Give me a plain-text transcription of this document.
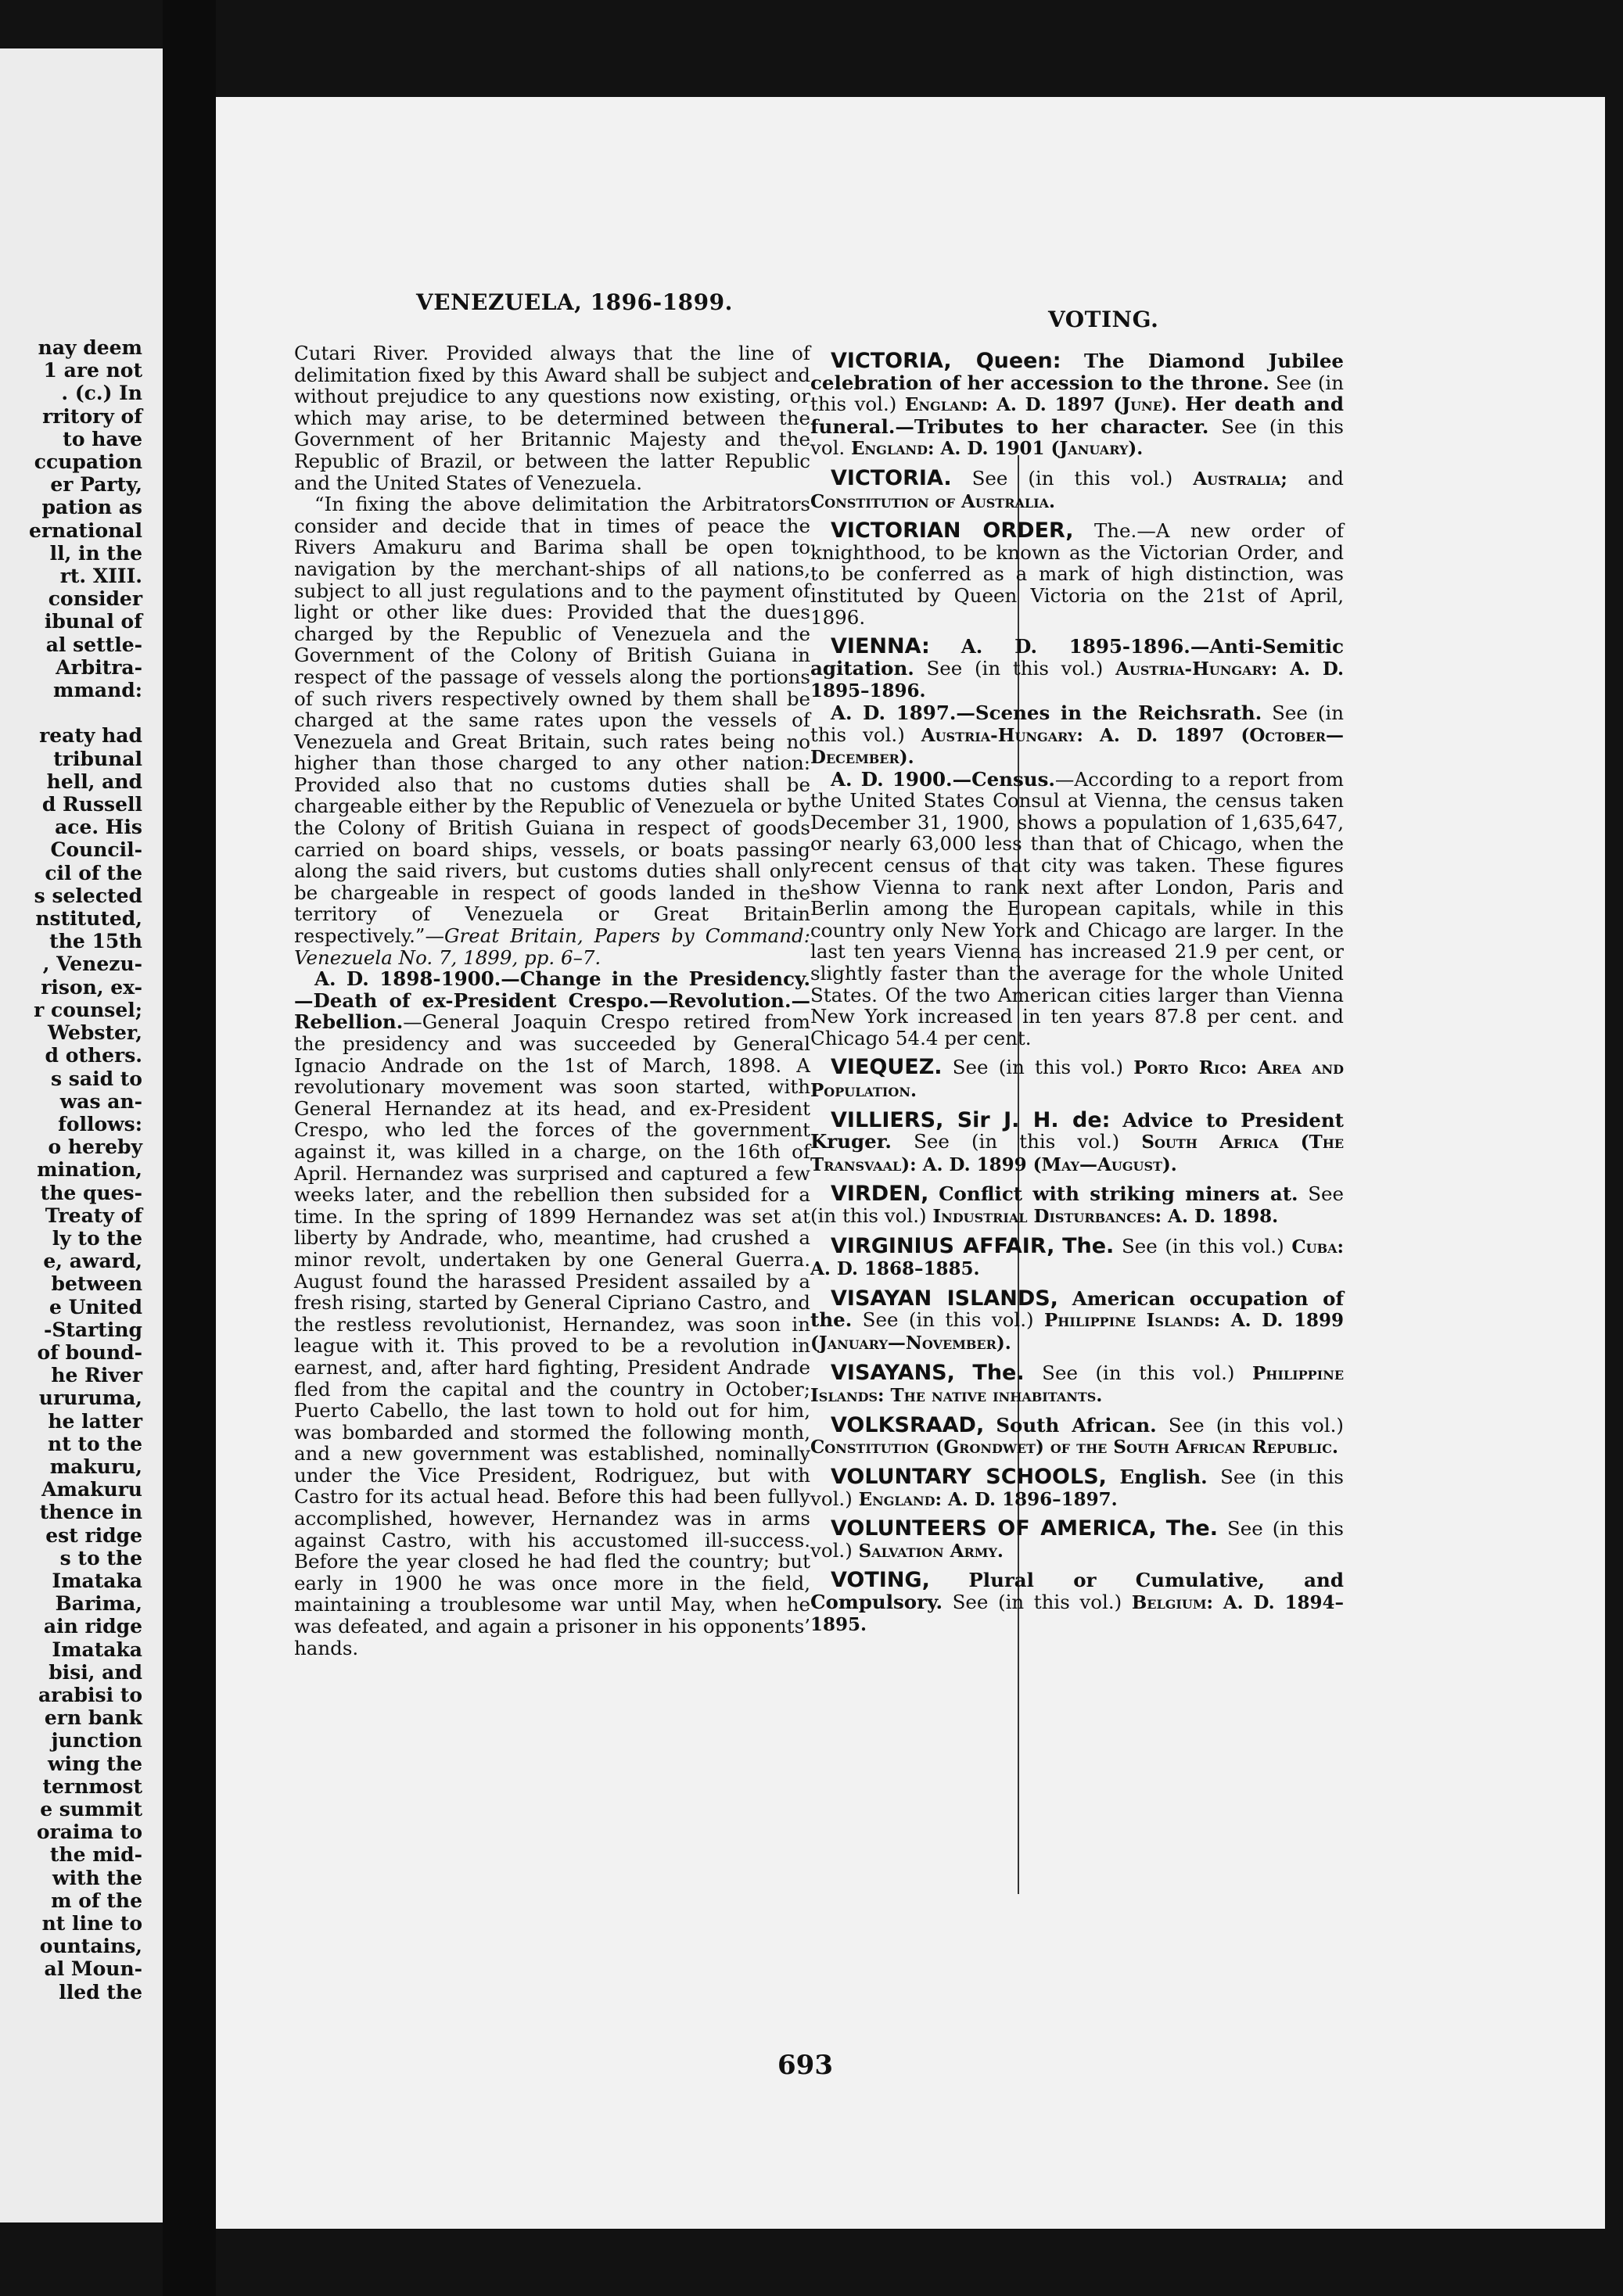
nay deem
1 are not
. (c.) In
rritory of
to have
ccupation
er Party,
pation as
ernational
ll, in the
rt. XIII.
consider
ibunal of
al settle-
Arbitra-
mmand:

reaty had
tribunal
hell, and
d Russell
ace. His
Council-
cil of the
s selected
nstituted,
the 15th
, Venezu-
rison, ex-
r counsel;
Webster,
d others.
s said to
was an-
follows:
o hereby
mination,
the ques-
Treaty of
ly to the
e, award,
between
e United
-Starting
of bound-
he River
ururuma,
he latter
nt to the
makuru,
Amakuru
thence in
est ridge
s to the
Imataka
Barima,
ain ridge
Imataka
bisi, and
arabisi to
ern bank
junction
wing the
ternmost
e summit
oraima to
the mid-
with the
m of the
nt line to
ountains,
al Moun-
lled the
VENEZUELA, 1896-1899.
VOTING.

Cutari River. Provided always that the line of delimitation fixed by this Award shall be subject and without prejudice to any questions now existing, or which may arise, to be determined between the Government of her Britannic Majesty and the Republic of Brazil, or between the latter Republic and the United States of Venezuela.

“In fixing the above delimitation the Arbitrators consider and decide that in times of peace the Rivers Amakuru and Barima shall be open to navigation by the merchant-ships of all nations, subject to all just regulations and to the payment of light or other like dues: Provided that the dues charged by the Republic of Venezuela and the Government of the Colony of British Guiana in respect of the passage of vessels along the portions of such rivers respectively owned by them shall be charged at the same rates upon the vessels of Venezuela and Great Britain, such rates being no higher than those charged to any other nation: Provided also that no customs duties shall be chargeable either by the Republic of Venezuela or by the Colony of British Guiana in respect of goods carried on board ships, vessels, or boats passing along the said rivers, but customs duties shall only be chargeable in respect of goods landed in the territory of Venezuela or Great Britain respectively.”—Great Britain, Papers by Command: Venezuela No. 7, 1899, pp. 6–7.

A. D. 1898-1900.—Change in the Presidency.—Death of ex-President Crespo.—Revolution.—Rebellion.—General Joaquin Crespo retired from the presidency and was succeeded by General Ignacio Andrade on the 1st of March, 1898. A revolutionary movement was soon started, with General Hernandez at its head, and ex-President Crespo, who led the forces of the government against it, was killed in a charge, on the 16th of April. Hernandez was surprised and captured a few weeks later, and the rebellion then subsided for a time. In the spring of 1899 Hernandez was set at liberty by Andrade, who, meantime, had crushed a minor revolt, undertaken by one General Guerra. August found the harassed President assailed by a fresh rising, started by General Cipriano Castro, and the restless revolutionist, Hernandez, was soon in league with it. This proved to be a revolution in earnest, and, after hard fighting, President Andrade fled from the capital and the country in October; Puerto Cabello, the last town to hold out for him, was bombarded and stormed the following month, and a new government was established, nominally under the Vice President, Rodriguez, but with Castro for its actual head. Before this had been fully accomplished, however, Hernandez was in arms against Castro, with his accustomed ill-success. Before the year closed he had fled the country; but early in 1900 he was once more in the field, maintaining a troublesome war until May, when he was defeated, and again a prisoner in his opponents’ hands.

VICTORIA, Queen: The Diamond Jubilee celebration of her accession to the throne. See (in this vol.) England: A. D. 1897 (June). Her death and funeral.—Tributes to her character. See (in this vol. England: A. D. 1901 (January).

VICTORIA. See (in this vol.) Australia; and Constitution of Australia.

VICTORIAN ORDER, The.—A new order of knighthood, to be known as the Victorian Order, and to be conferred as a mark of high distinction, was instituted by Queen Victoria on the 21st of April, 1896.

VIENNA: A. D. 1895-1896.—Anti-Semitic agitation. See (in this vol.) Austria-Hungary: A. D. 1895–1896.

A. D. 1897.—Scenes in the Reichsrath. See (in this vol.) Austria-Hungary: A. D. 1897 (October—December).

A. D. 1900.—Census.—According to a report from the United States Consul at Vienna, the census taken December 31, 1900, shows a population of 1,635,647, or nearly 63,000 less than that of Chicago, when the recent census of that city was taken. These figures show Vienna to rank next after London, Paris and Berlin among the European capitals, while in this country only New York and Chicago are larger. In the last ten years Vienna has increased 21.9 per cent, or slightly faster than the average for the whole United States. Of the two American cities larger than Vienna New York increased in ten years 87.8 per cent. and Chicago 54.4 per cent.

VIEQUEZ. See (in this vol.) Porto Rico: Area and Population.

VILLIERS, Sir J. H. de: Advice to President Kruger. See (in this vol.) South Africa (The Transvaal): A. D. 1899 (May—August).

VIRDEN, Conflict with striking miners at. See (in this vol.) Industrial Disturbances: A. D. 1898.

VIRGINIUS AFFAIR, The. See (in this vol.) Cuba: A. D. 1868–1885.

VISAYAN ISLANDS, American occupation of the. See (in this vol.) Philippine Islands: A. D. 1899 (January—November).

VISAYANS, The. See (in this vol.) Philippine Islands: The native inhabitants.

VOLKSRAAD, South African. See (in this vol.) Constitution (Grondwet) of the South African Republic.

VOLUNTARY SCHOOLS, English. See (in this vol.) England: A. D. 1896–1897.

VOLUNTEERS OF AMERICA, The. See (in this vol.) Salvation Army.

VOTING, Plural or Cumulative, and Compulsory. See (in this vol.) Belgium: A. D. 1894–1895.

693
